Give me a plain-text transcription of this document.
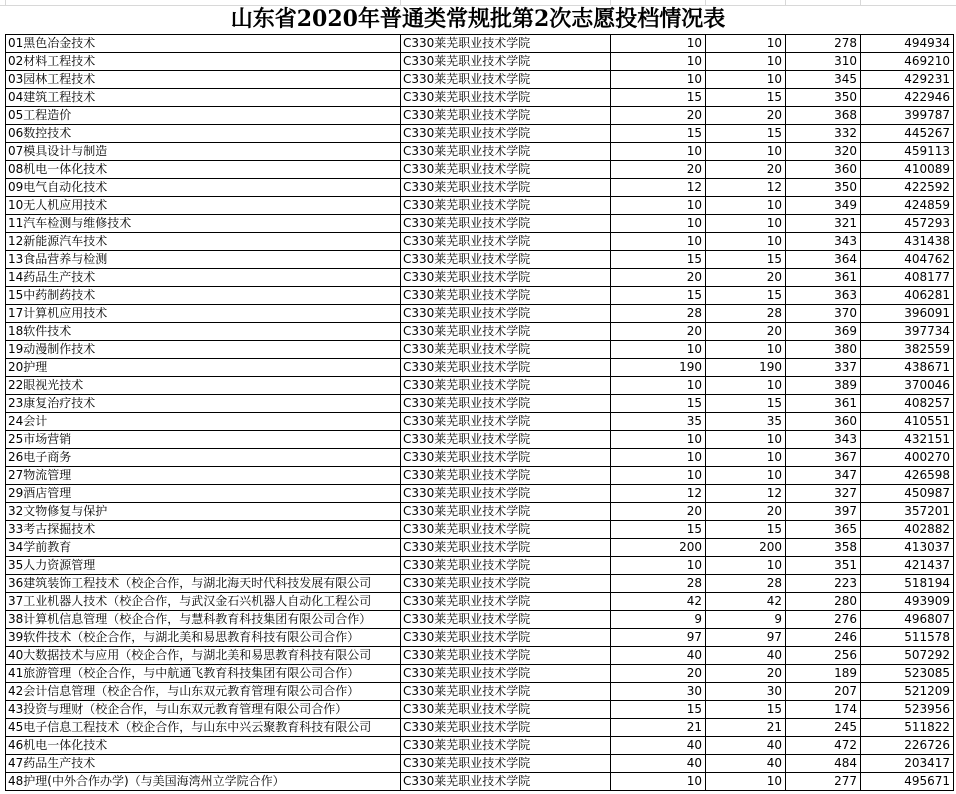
山东省2020年普通类常规批第2次志愿投档情况表
01黑色冶金技术	C330莱芜职业技术学院	10	10	278	494934
02材料工程技术	C330莱芜职业技术学院	10	10	310	469210
03园林工程技术	C330莱芜职业技术学院	10	10	345	429231
04建筑工程技术	C330莱芜职业技术学院	15	15	350	422946
05工程造价	C330莱芜职业技术学院	20	20	368	399787
06数控技术	C330莱芜职业技术学院	15	15	332	445267
07模具设计与制造	C330莱芜职业技术学院	10	10	320	459113
08机电一体化技术	C330莱芜职业技术学院	20	20	360	410089
09电气自动化技术	C330莱芜职业技术学院	12	12	350	422592
10无人机应用技术	C330莱芜职业技术学院	10	10	349	424859
11汽车检测与维修技术	C330莱芜职业技术学院	10	10	321	457293
12新能源汽车技术	C330莱芜职业技术学院	10	10	343	431438
13食品营养与检测	C330莱芜职业技术学院	15	15	364	404762
14药品生产技术	C330莱芜职业技术学院	20	20	361	408177
15中药制药技术	C330莱芜职业技术学院	15	15	363	406281
17计算机应用技术	C330莱芜职业技术学院	28	28	370	396091
18软件技术	C330莱芜职业技术学院	20	20	369	397734
19动漫制作技术	C330莱芜职业技术学院	10	10	380	382559
20护理	C330莱芜职业技术学院	190	190	337	438671
22眼视光技术	C330莱芜职业技术学院	10	10	389	370046
23康复治疗技术	C330莱芜职业技术学院	15	15	361	408257
24会计	C330莱芜职业技术学院	35	35	360	410551
25市场营销	C330莱芜职业技术学院	10	10	343	432151
26电子商务	C330莱芜职业技术学院	10	10	367	400270
27物流管理	C330莱芜职业技术学院	10	10	347	426598
29酒店管理	C330莱芜职业技术学院	12	12	327	450987
32文物修复与保护	C330莱芜职业技术学院	20	20	397	357201
33考古探掘技术	C330莱芜职业技术学院	15	15	365	402882
34学前教育	C330莱芜职业技术学院	200	200	358	413037
35人力资源管理	C330莱芜职业技术学院	10	10	351	421437
36建筑装饰工程技术（校企合作，与湖北海天时代科技发展有限公司	C330莱芜职业技术学院	28	28	223	518194
37工业机器人技术（校企合作，与武汉金石兴机器人自动化工程公司	C330莱芜职业技术学院	42	42	280	493909
38计算机信息管理（校企合作，与慧科教育科技集团有限公司合作）	C330莱芜职业技术学院	9	9	276	496807
39软件技术（校企合作，与湖北美和易思教育科技有限公司合作）	C330莱芜职业技术学院	97	97	246	511578
40大数据技术与应用（校企合作，与湖北美和易思教育科技有限公司	C330莱芜职业技术学院	40	40	256	507292
41旅游管理（校企合作，与中航通飞教育科技集团有限公司合作）	C330莱芜职业技术学院	20	20	189	523085
42会计信息管理（校企合作，与山东双元教育管理有限公司合作）	C330莱芜职业技术学院	30	30	207	521209
43投资与理财（校企合作，与山东双元教育管理有限公司合作）	C330莱芜职业技术学院	15	15	174	523956
45电子信息工程技术（校企合作，与山东中兴云聚教育科技有限公司	C330莱芜职业技术学院	21	21	245	511822
46机电一体化技术	C330莱芜职业技术学院	40	40	472	226726
47药品生产技术	C330莱芜职业技术学院	40	40	484	203417
48护理(中外合作办学)（与美国海湾州立学院合作）	C330莱芜职业技术学院	10	10	277	495671
